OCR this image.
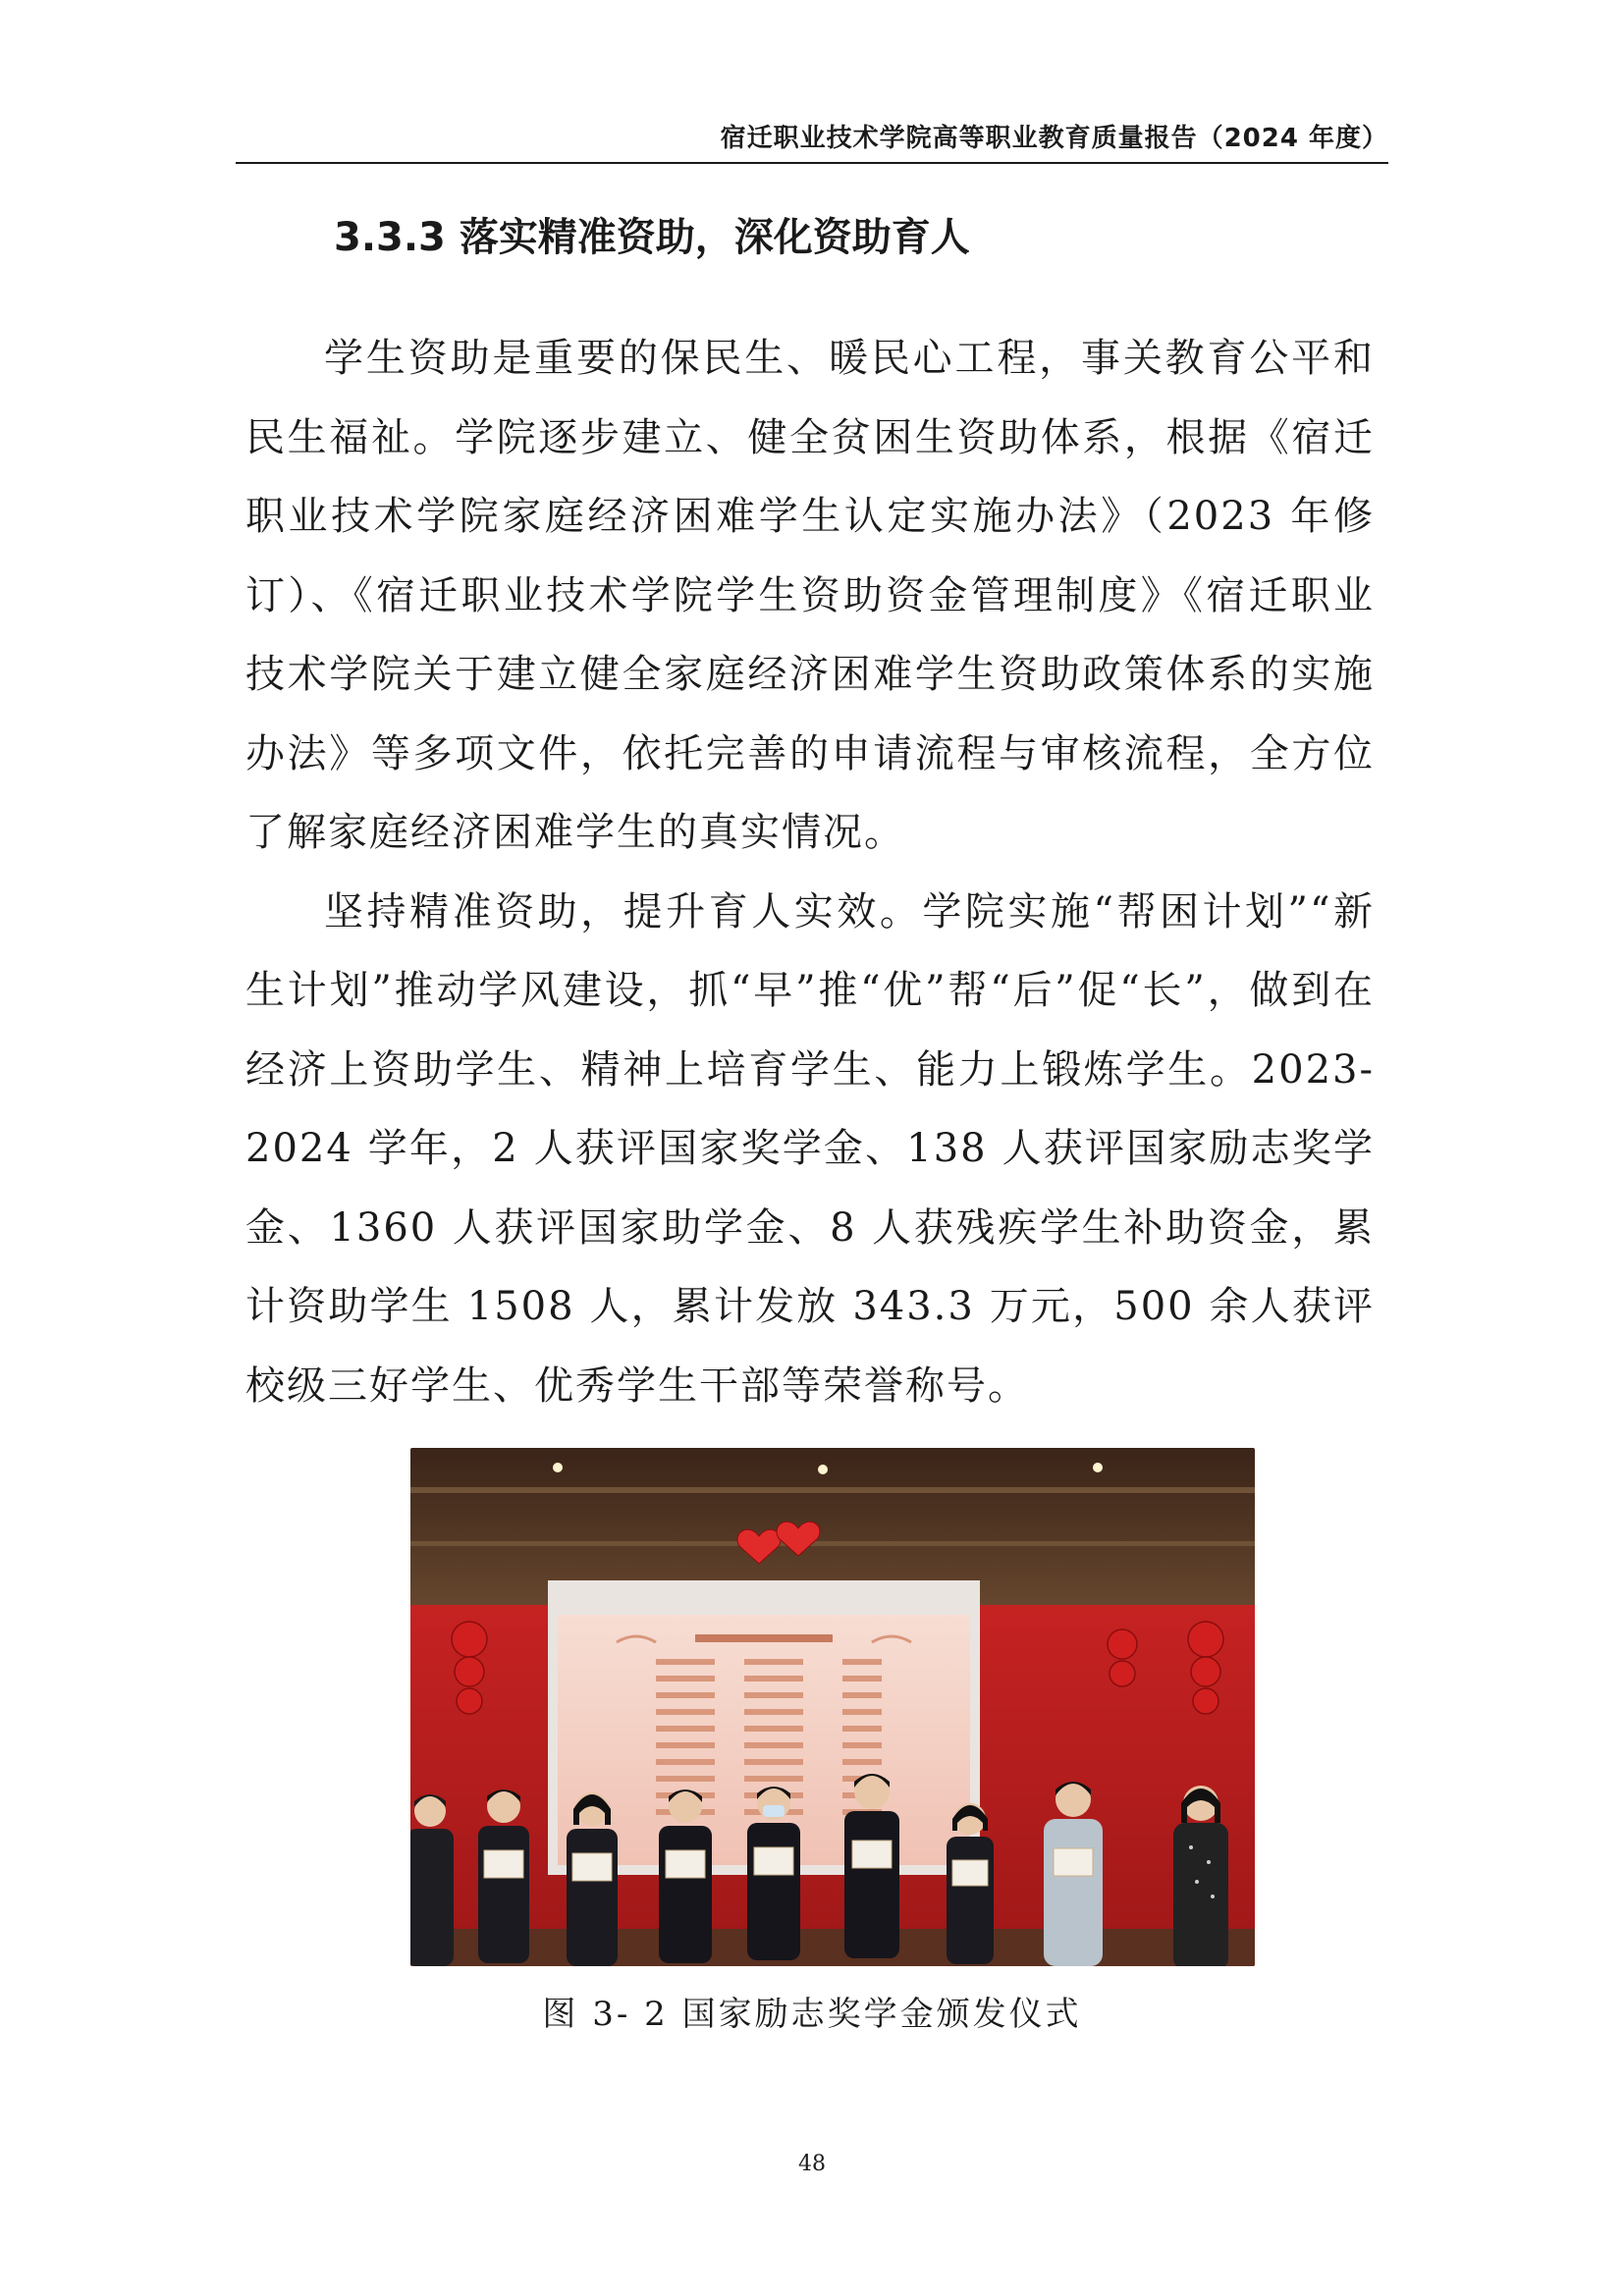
宿迁职业技术学院高等职业教育质量报告（2024 年度）
3.3.3 落实精准资助，深化资助育人

学生资助是重要的保民生、暖民心工程，事关教育公平和民生福祉。学院逐步建立、健全贫困生资助体系，根据《宿迁职业技术学院家庭经济困难学生认定实施办法》（2023 年修订）、《宿迁职业技术学院学生资助资金管理制度》《宿迁职业技术学院关于建立健全家庭经济困难学生资助政策体系的实施办法》等多项文件，依托完善的申请流程与审核流程，全方位了解家庭经济困难学生的真实情况。

坚持精准资助，提升育人实效。学院实施“帮困计划”“新生计划”推动学风建设，抓“早”推“优”帮“后”促“长”，做到在经济上资助学生、精神上培育学生、能力上锻炼学生。2023-2024 学年，2 人获评国家奖学金、138 人获评国家励志奖学金、1360 人获评国家助学金、8 人获残疾学生补助资金，累计资助学生 1508 人，累计发放 343.3 万元，500 余人获评校级三好学生、优秀学生干部等荣誉称号。

图 3- 2 国家励志奖学金颁发仪式
48
